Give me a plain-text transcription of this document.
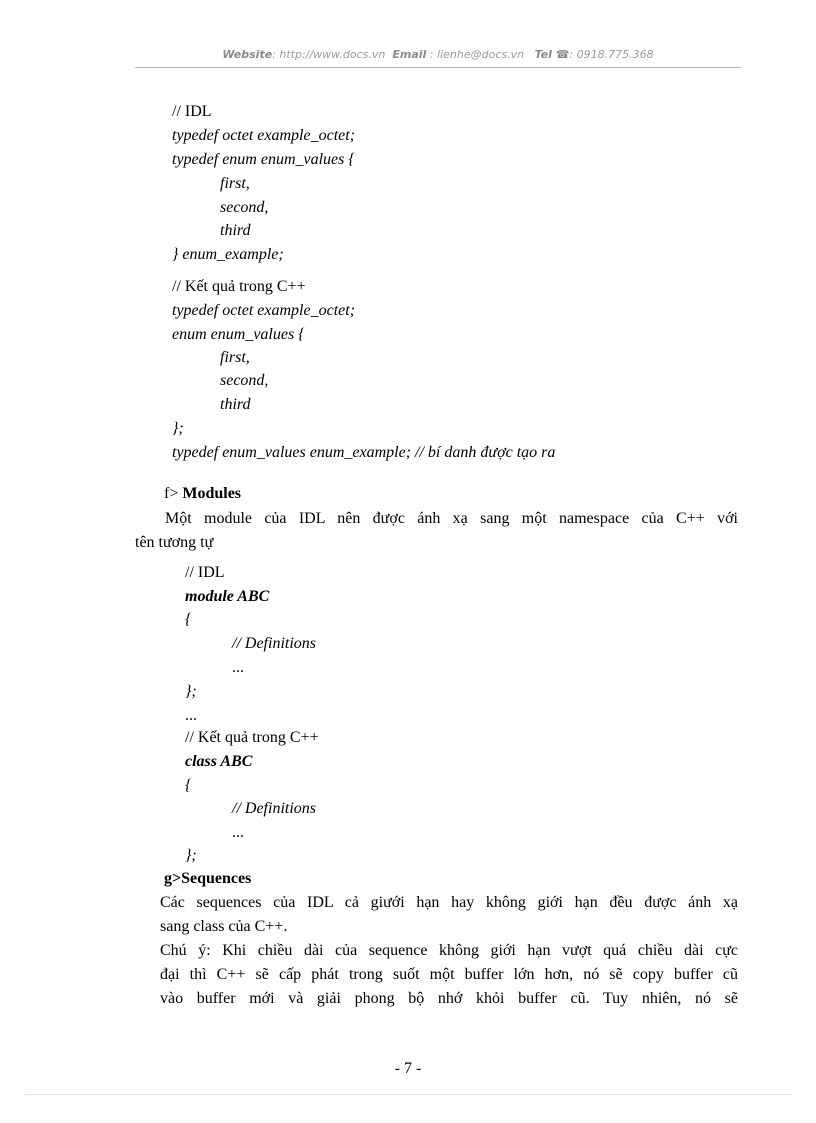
Website: http://www.docs.vn Email : lienhe@docs.vn Tel ☎: 0918.775.368
// IDL
typedef octet example_octet;
typedef enum enum_values {
first,
second,
third
} enum_example;
// Kết quả trong C++
typedef octet example_octet;
enum enum_values {
first,
second,
third
};
typedef enum_values enum_example; // bí danh được tạo ra
f> Modules
Một module của IDL nên được ánh xạ sang một namespace của C++ với
tên tương tự
// IDL
module ABC
{
// Definitions
...
};
...
// Kết quả trong C++
class ABC
{
// Definitions
...
};
g>Sequences
Các sequences của IDL cả giưới hạn hay không giới hạn đều được ánh xạ
sang class của C++.
Chú ý: Khi chiều dài của sequence không giới hạn vượt quá chiều dài cực
đại thì C++ sẽ cấp phát trong suốt một buffer lớn hơn, nó sẽ copy buffer cũ
vào buffer mới và giải phong bộ nhớ khỏi buffer cũ. Tuy nhiên, nó sẽ
- 7 -
